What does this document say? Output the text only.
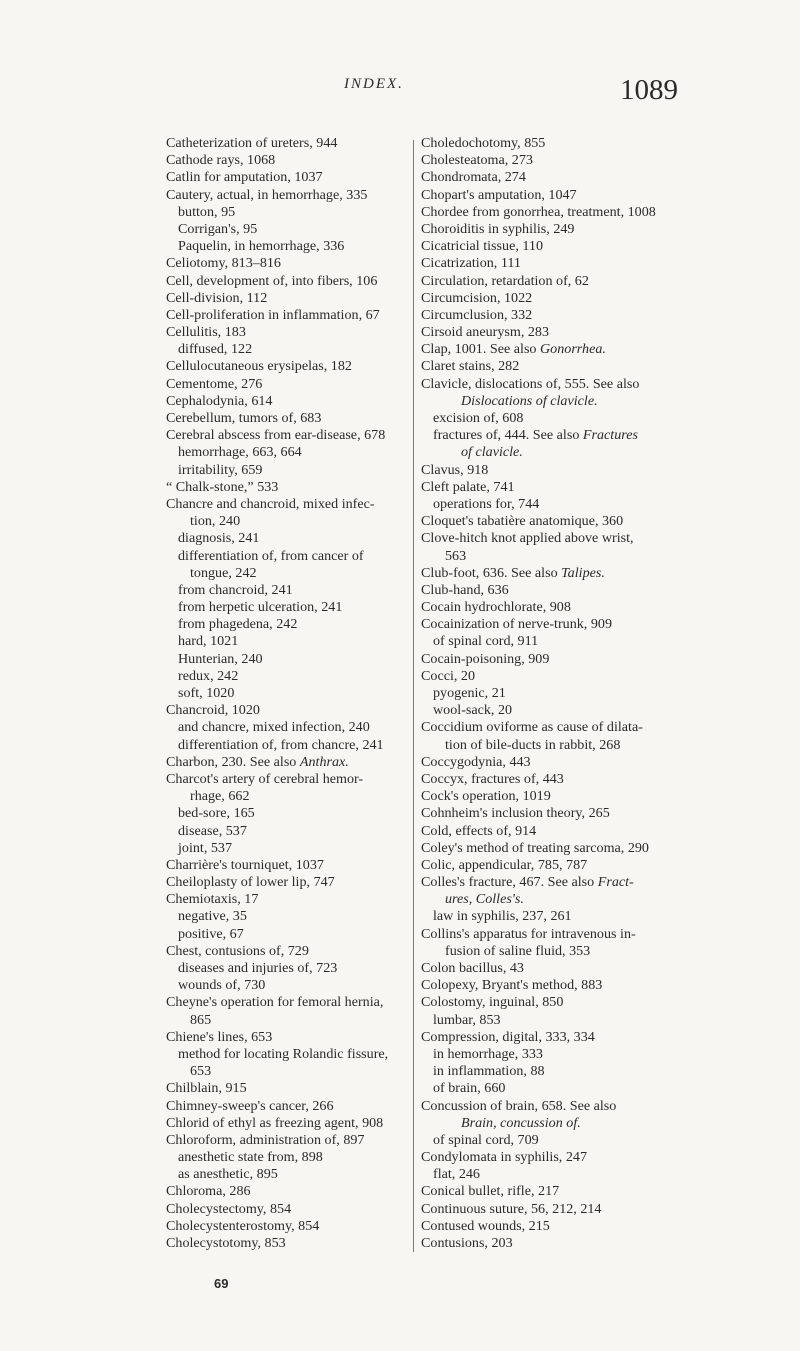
INDEX.	1089
Catheterization of ureters, 944
Cathode rays, 1068
Catlin for amputation, 1037
Cautery, actual, in hemorrhage, 335
button, 95
Corrigan's, 95
Paquelin, in hemorrhage, 336
Celiotomy, 813–816
Cell, development of, into fibers, 106
Cell-division, 112
Cell-proliferation in inflammation, 67
Cellulitis, 183
diffused, 122
Cellulocutaneous erysipelas, 182
Cementome, 276
Cephalodynia, 614
Cerebellum, tumors of, 683
Cerebral abscess from ear-disease, 678
hemorrhage, 663, 664
irritability, 659
“ Chalk-stone,” 533
Chancre and chancroid, mixed infec-
tion, 240
diagnosis, 241
differentiation of, from cancer of
tongue, 242
from chancroid, 241
from herpetic ulceration, 241
from phagedena, 242
hard, 1021
Hunterian, 240
redux, 242
soft, 1020
Chancroid, 1020
and chancre, mixed infection, 240
differentiation of, from chancre, 241
Charbon, 230. See also Anthrax.
Charcot's artery of cerebral hemor-
rhage, 662
bed-sore, 165
disease, 537
joint, 537
Charrière's tourniquet, 1037
Cheiloplasty of lower lip, 747
Chemiotaxis, 17
negative, 35
positive, 67
Chest, contusions of, 729
diseases and injuries of, 723
wounds of, 730
Cheyne's operation for femoral hernia,
865
Chiene's lines, 653
method for locating Rolandic fissure,
653
Chilblain, 915
Chimney-sweep's cancer, 266
Chlorid of ethyl as freezing agent, 908
Chloroform, administration of, 897
anesthetic state from, 898
as anesthetic, 895
Chloroma, 286
Cholecystectomy, 854
Cholecystenterostomy, 854
Cholecystotomy, 853
Choledochotomy, 855
Cholesteatoma, 273
Chondromata, 274
Chopart's amputation, 1047
Chordee from gonorrhea, treatment, 1008
Choroiditis in syphilis, 249
Cicatricial tissue, 110
Cicatrization, 111
Circulation, retardation of, 62
Circumcision, 1022
Circumclusion, 332
Cirsoid aneurysm, 283
Clap, 1001. See also Gonorrhea.
Claret stains, 282
Clavicle, dislocations of, 555. See also
Dislocations of clavicle.
excision of, 608
fractures of, 444. See also Fractures
of clavicle.
Clavus, 918
Cleft palate, 741
operations for, 744
Cloquet's tabatière anatomique, 360
Clove-hitch knot applied above wrist,
563
Club-foot, 636. See also Talipes.
Club-hand, 636
Cocain hydrochlorate, 908
Cocainization of nerve-trunk, 909
of spinal cord, 911
Cocain-poisoning, 909
Cocci, 20
pyogenic, 21
wool-sack, 20
Coccidium oviforme as cause of dilata-
tion of bile-ducts in rabbit, 268
Coccygodynia, 443
Coccyx, fractures of, 443
Cock's operation, 1019
Cohnheim's inclusion theory, 265
Cold, effects of, 914
Coley's method of treating sarcoma, 290
Colic, appendicular, 785, 787
Colles's fracture, 467. See also Fract-
ures, Colles's.
law in syphilis, 237, 261
Collins's apparatus for intravenous in-
fusion of saline fluid, 353
Colon bacillus, 43
Colopexy, Bryant's method, 883
Colostomy, inguinal, 850
lumbar, 853
Compression, digital, 333, 334
in hemorrhage, 333
in inflammation, 88
of brain, 660
Concussion of brain, 658. See also
Brain, concussion of.
of spinal cord, 709
Condylomata in syphilis, 247
flat, 246
Conical bullet, rifle, 217
Continuous suture, 56, 212, 214
Contused wounds, 215
Contusions, 203
69
